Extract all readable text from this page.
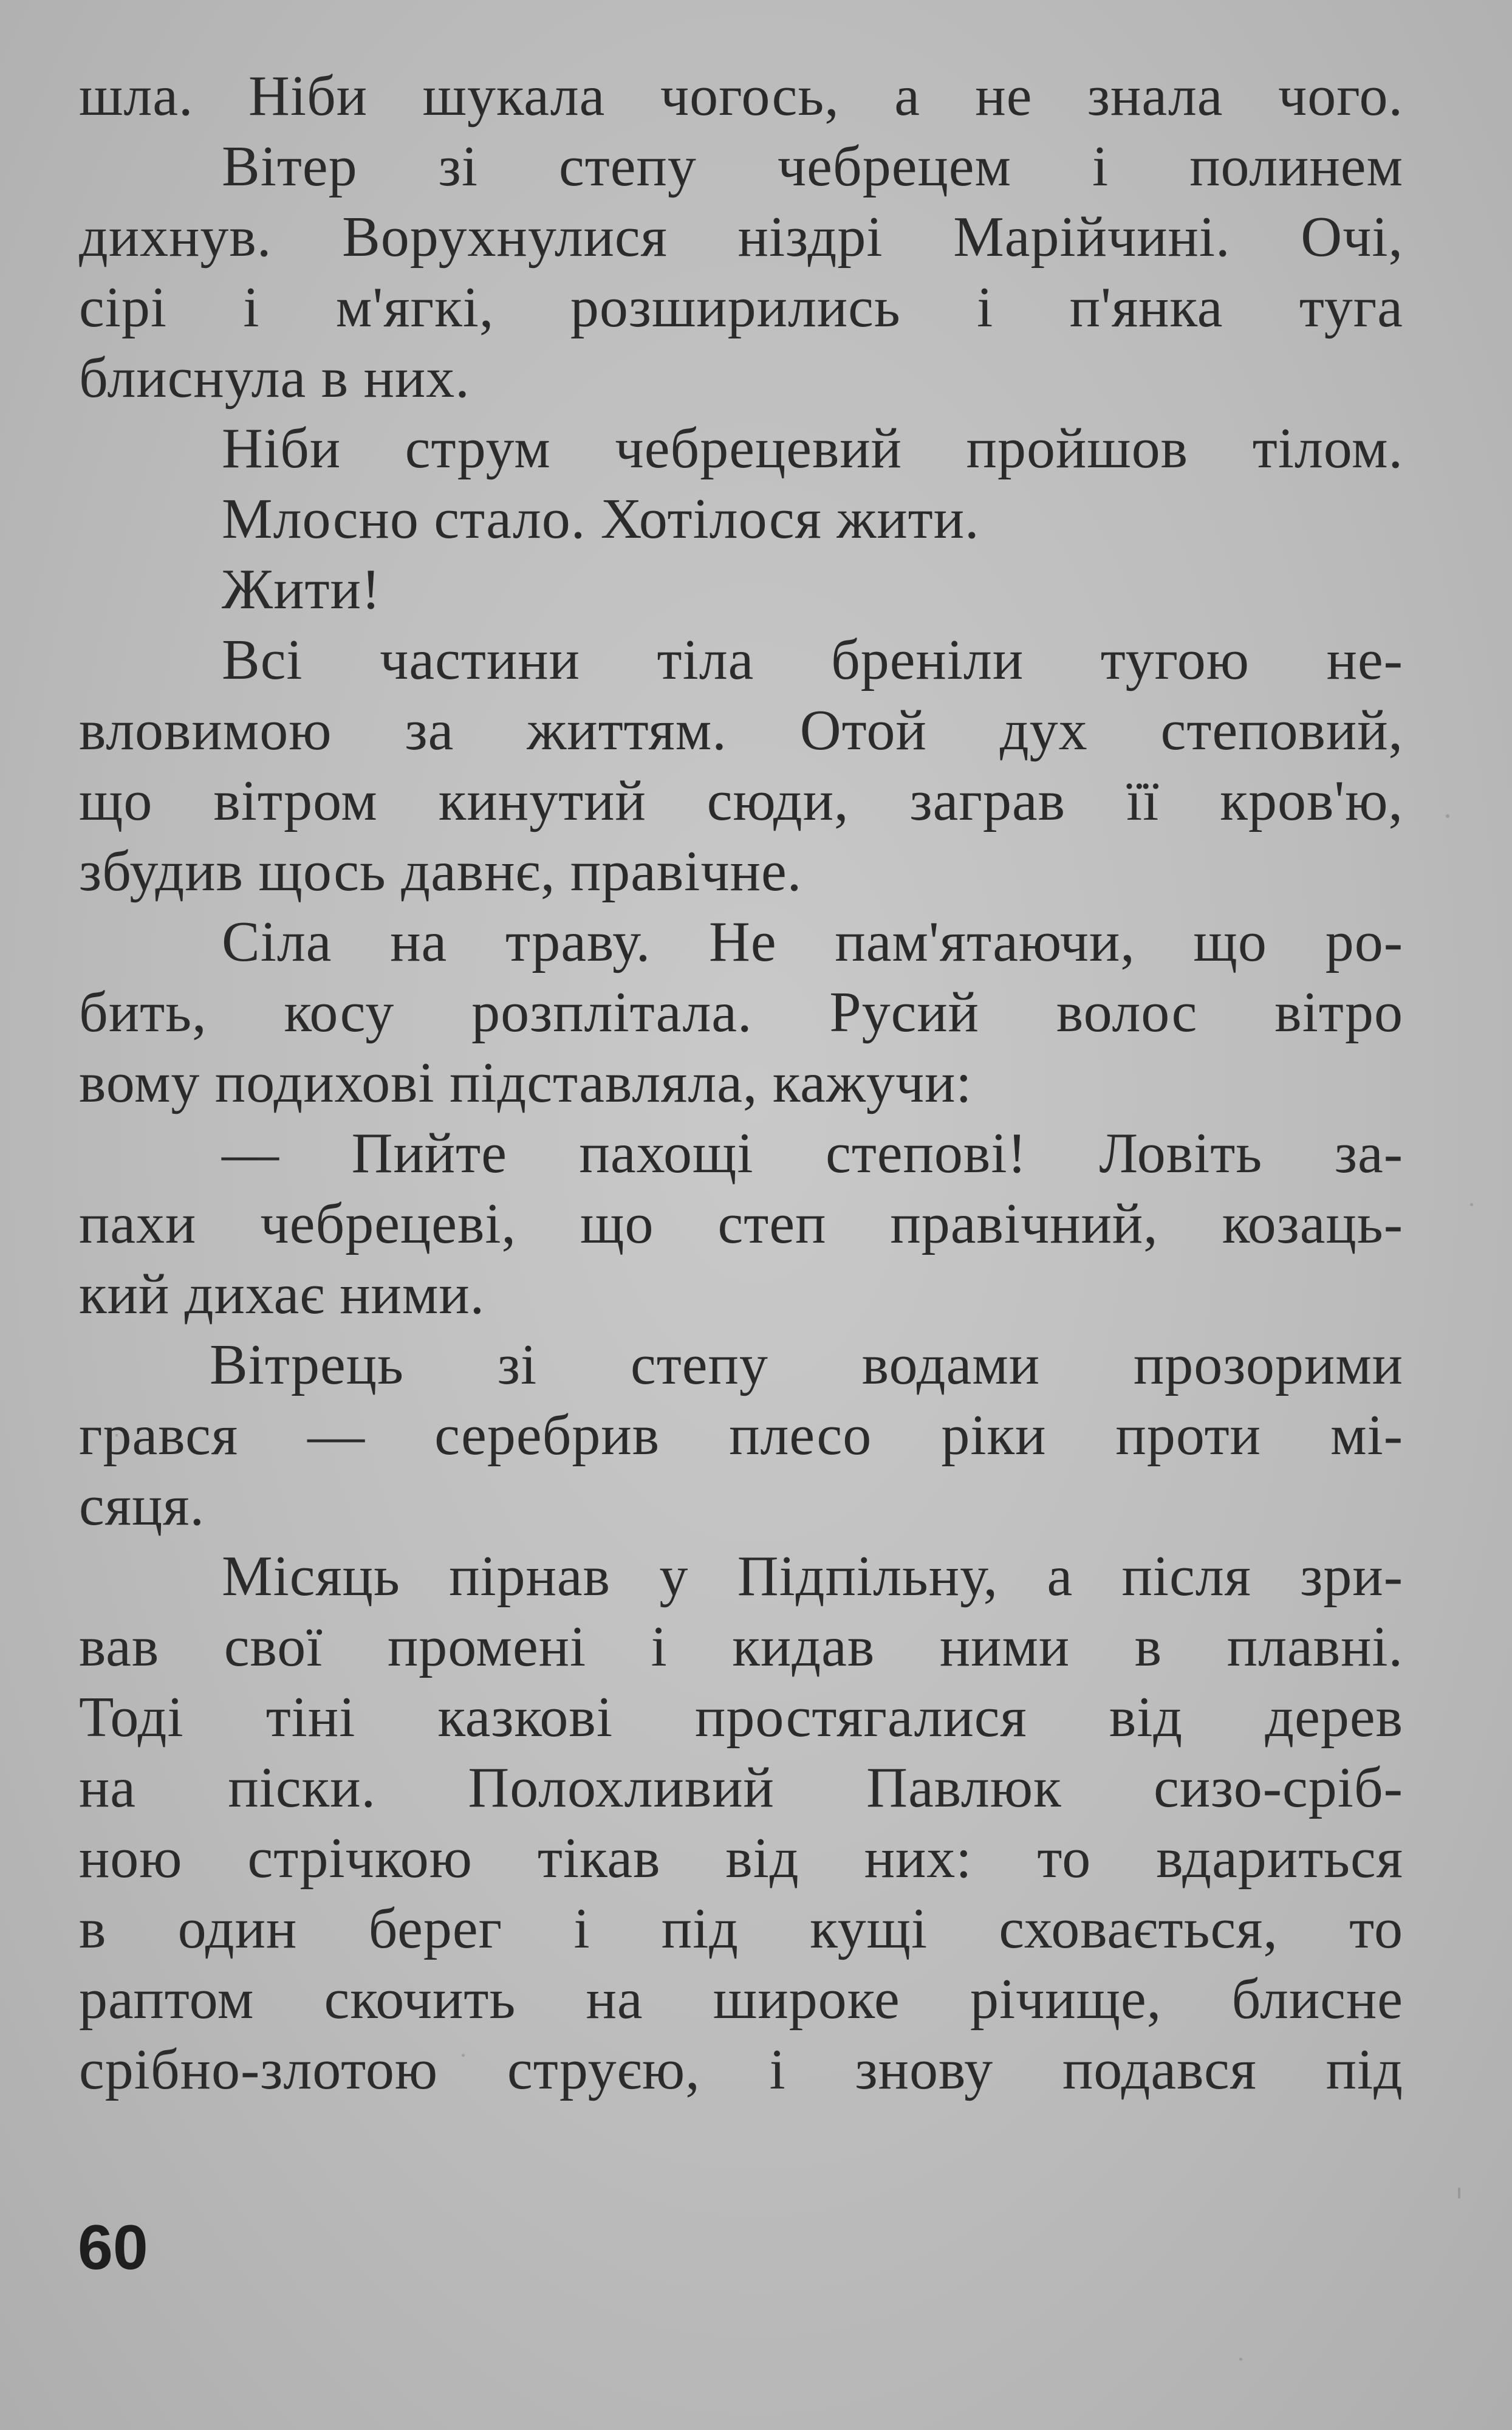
шла. Ніби шукала чогось, а не знала чого.
Вітер зі степу чебрецем і полинем
дихнув. Ворухнулися ніздрі Марійчині. Очі,
сірі і м'ягкі, розширились і п'янка туга
блиснула в них.
Ніби струм чебрецевий пройшов тілом.
Млосно стало. Хотілося жити.
Жити!
Всі частини тіла бреніли тугою не-
вловимою за життям. Отой дух степовий,
що вітром кинутий сюди, заграв її кров'ю,
збудив щось давнє, правічне.
Сіла на траву. Не пам'ятаючи, що ро-
бить, косу розплітала. Русий волос вітро
вому подихові підставляла, кажучи:
— Пийте пахощі степові! Ловіть за-
пахи чебрецеві, що степ правічний, козаць-
кий дихає ними.
Вітрець зі степу водами прозорими
грався — серебрив плесо ріки проти мі-
сяця.
Місяць пірнав у Підпільну, а після зри-
вав свої промені і кидав ними в плавні.
Тоді тіні казкові простягалися від дерев
на піски. Полохливий Павлюк сизо-сріб-
ною стрічкою тікав від них: то вдариться
в один берег і під кущі сховається, то
раптом скочить на широке річище, блисне
срібно-злотою струєю, і знову подався під
60
